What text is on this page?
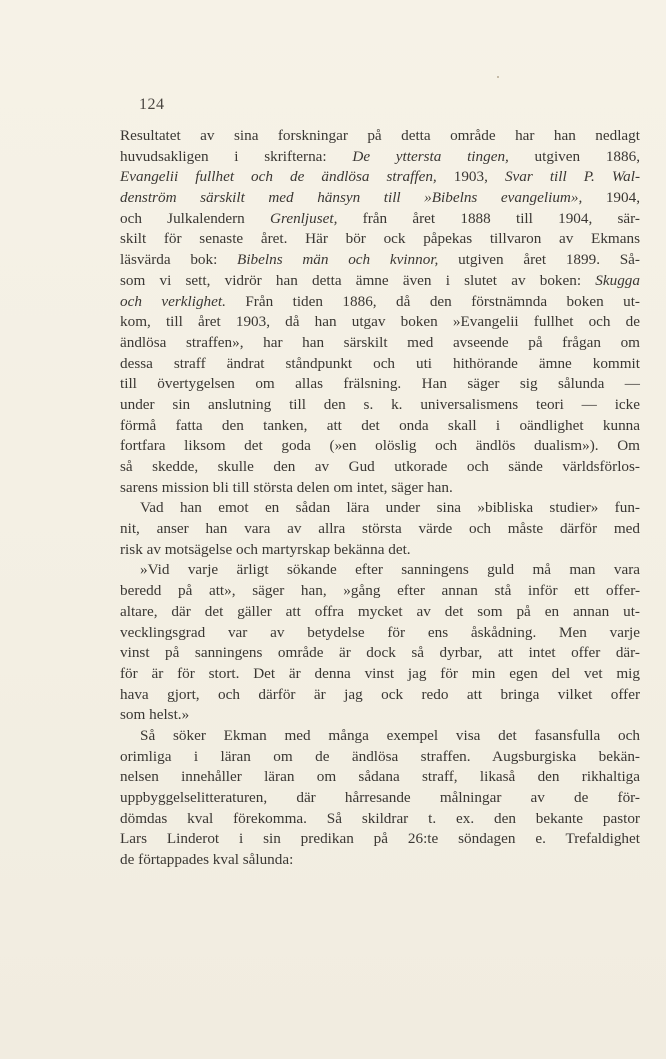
124
Resultatet av sina forskningar på detta område har han nedlagt
huvudsakligen i skrifterna: De yttersta tingen, utgiven 1886,
Evangelii fullhet och de ändlösa straffen, 1903, Svar till P. Wal-
denström särskilt med hänsyn till »Bibelns evangelium», 1904,
och Julkalendern Grenljuset, från året 1888 till 1904, sär-
skilt för senaste året. Här bör ock påpekas tillvaron av Ekmans
läsvärda bok: Bibelns män och kvinnor, utgiven året 1899. Så-
som vi sett, vidrör han detta ämne även i slutet av boken: Skugga
och verklighet. Från tiden 1886, då den förstnämnda boken ut-
kom, till året 1903, då han utgav boken »Evangelii fullhet och de
ändlösa straffen», har han särskilt med avseende på frågan om
dessa straff ändrat ståndpunkt och uti hithörande ämne kommit
till övertygelsen om allas frälsning. Han säger sig sålunda —
under sin anslutning till den s. k. universalismens teori — icke
förmå fatta den tanken, att det onda skall i oändlighet kunna
fortfara liksom det goda (»en olöslig och ändlös dualism»). Om
så skedde, skulle den av Gud utkorade och sände världsförlos-
sarens mission bli till största delen om intet, säger han.
Vad han emot en sådan lära under sina »bibliska studier» fun-
nit, anser han vara av allra största värde och måste därför med
risk av motsägelse och martyrskap bekänna det.
»Vid varje ärligt sökande efter sanningens guld må man vara
beredd på att», säger han, »gång efter annan stå inför ett offer-
altare, där det gäller att offra mycket av det som på en annan ut-
vecklingsgrad var av betydelse för ens åskådning. Men varje
vinst på sanningens område är dock så dyrbar, att intet offer där-
för är för stort. Det är denna vinst jag för min egen del vet mig
hava gjort, och därför är jag ock redo att bringa vilket offer
som helst.»
Så söker Ekman med många exempel visa det fasansfulla och
orimliga i läran om de ändlösa straffen. Augsburgiska bekän-
nelsen innehåller läran om sådana straff, likaså den rikhaltiga
uppbyggelselitteraturen, där hårresande målningar av de för-
dömdas kval förekomma. Så skildrar t. ex. den bekante pastor
Lars Linderot i sin predikan på 26:te söndagen e. Trefaldighet
de förtappades kval sålunda:
